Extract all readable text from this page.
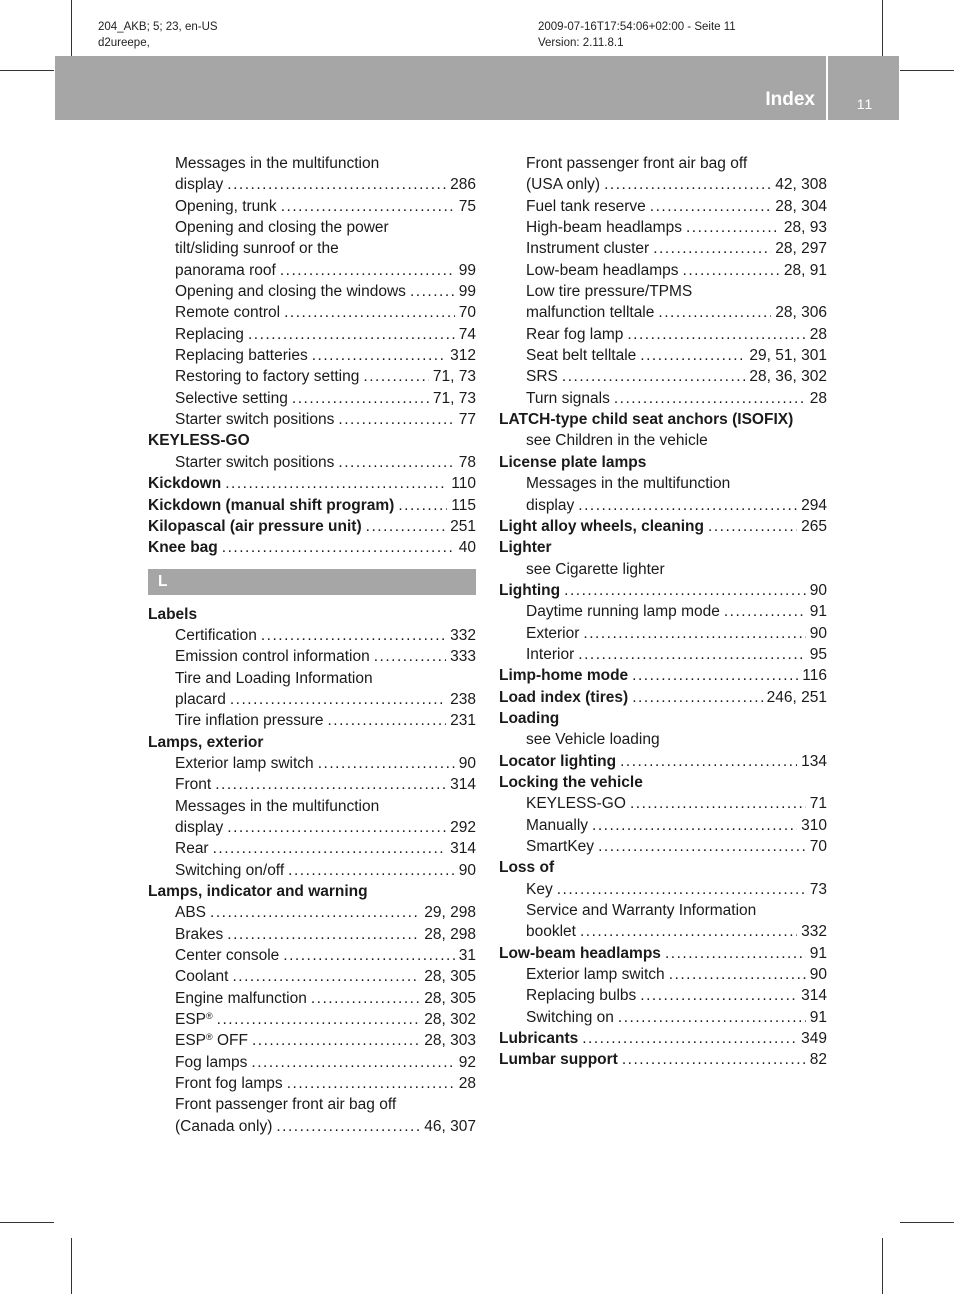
204_AKB; 5; 23, en-US
d2ureepe,
2009-07-16T17:54:06+02:00 - Seite 11
Version: 2.11.8.1
Index	11
Messages in the multifunction
display . . .	286
Opening, trunk . . .	75
Opening and closing the power
tilt/sliding sunroof or the
panorama roof . . .	99
Opening and closing the windows . . .	99
Remote control . . .	70
Replacing . . .	74
Replacing batteries . . .	312
Restoring to factory setting . . .	71, 73
Selective setting . . .	71, 73
Starter switch positions . . .	77
KEYLESS-GO
Starter switch positions . . .	78
Kickdown . . .	110
Kickdown (manual shift program) . . .	115
Kilopascal (air pressure unit) . . .	251
Knee bag . . .	40
L
Labels
Certification . . .	332
Emission control information . . .	333
Tire and Loading Information
placard . . .	238
Tire inflation pressure . . .	231
Lamps, exterior
Exterior lamp switch . . .	90
Front . . .	314
Messages in the multifunction
display . . .	292
Rear . . .	314
Switching on/off . . .	90
Lamps, indicator and warning
ABS . . .	29, 298
Brakes . . .	28, 298
Center console . . .	31
Coolant . . .	28, 305
Engine malfunction . . .	28, 305
ESP® . . .	28, 302
ESP® OFF . . .	28, 303
Fog lamps . . .	92
Front fog lamps . . .	28
Front passenger front air bag off
(Canada only) . . .	46, 307
Front passenger front air bag off
(USA only) . . .	42, 308
Fuel tank reserve . . .	28, 304
High-beam headlamps . . .	28, 93
Instrument cluster . . .	28, 297
Low-beam headlamps . . .	28, 91
Low tire pressure/TPMS
malfunction telltale . . .	28, 306
Rear fog lamp . . .	28
Seat belt telltale . . .	29, 51, 301
SRS . . .	28, 36, 302
Turn signals . . .	28
LATCH-type child seat anchors (ISOFIX)
see Children in the vehicle
License plate lamps
Messages in the multifunction
display . . .	294
Light alloy wheels, cleaning . . .	265
Lighter
see Cigarette lighter
Lighting . . .	90
Daytime running lamp mode . . .	91
Exterior . . .	90
Interior . . .	95
Limp-home mode . . .	116
Load index (tires) . . .	246, 251
Loading
see Vehicle loading
Locator lighting . . .	134
Locking the vehicle
KEYLESS-GO . . .	71
Manually . . .	310
SmartKey . . .	70
Loss of
Key . . .	73
Service and Warranty Information
booklet . . .	332
Low-beam headlamps . . .	91
Exterior lamp switch . . .	90
Replacing bulbs . . .	314
Switching on . . .	91
Lubricants . . .	349
Lumbar support . . .	82
